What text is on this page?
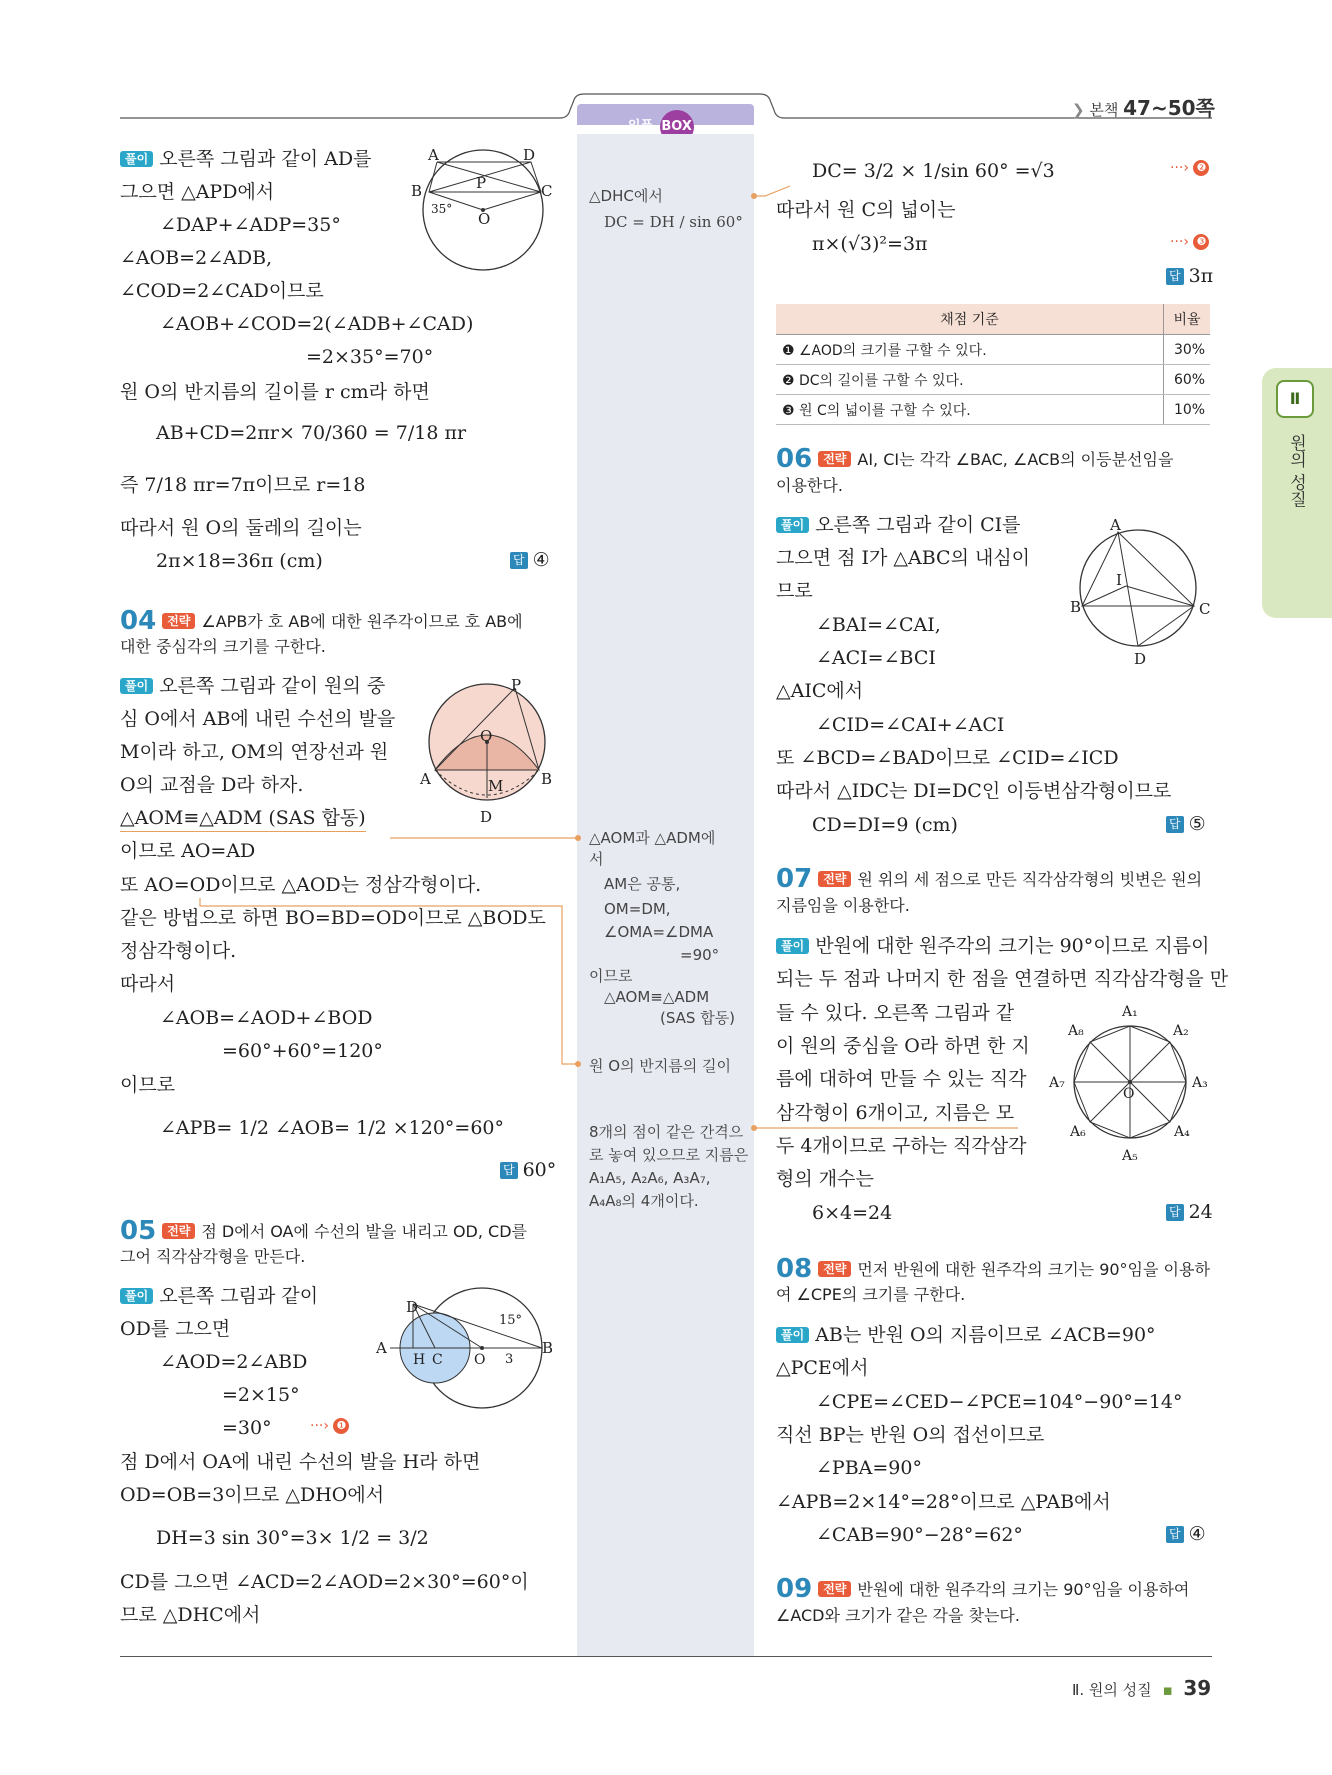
일품 BOX
❯ 본책 47~50쪽
Ⅱ
원의 성질
풀이 오른쪽 그림과 같이 AD를
그으면 △APD에서
∠DAP+∠ADP=35°
∠AOB=2∠ADB,
∠COD=2∠CAD이므로
∠AOB+∠COD=2(∠ADB+∠CAD)
=2×35°=70°
원 O의 반지름의 길이를 r cm라 하면
AB+CD=2πr× 70/360 = 7/18 πr
즉 7/18 πr=7π이므로 r=18
따라서 원 O의 둘레의 길이는
2π×18=36π (cm)	답 ④
A	D
B	C
P
O
35°
04 전략 ∠APB가 호 AB에 대한 원주각이므로 호 AB에
대한 중심각의 크기를 구한다.
풀이 오른쪽 그림과 같이 원의 중
심 O에서 AB에 내린 수선의 발을
M이라 하고, OM의 연장선과 원
O의 교점을 D라 하자.
△AOM≡△ADM (SAS 합동)
이므로 AO=AD
또 AO=OD이므로 △AOD는 정삼각형이다.
같은 방법으로 하면 BO=BD=OD이므로 △BOD도
정삼각형이다.
따라서
∠AOB=∠AOD+∠BOD
=60°+60°=120°
이므로
∠APB= 1/2 ∠AOB= 1/2 ×120°=60°
답 60°
P
O
A	M	B
D
05 전략 점 D에서 OA에 수선의 발을 내리고 OD, CD를
그어 직각삼각형을 만든다.
풀이 오른쪽 그림과 같이
OD를 그으면
∠AOD=2∠ABD
=2×15°
=30°	···› ❶
점 D에서 OA에 내린 수선의 발을 H라 하면
OD=OB=3이므로 △DHO에서
DH=3 sin 30°=3× 1/2 = 3/2
CD를 그으면 ∠ACD=2∠AOD=2×30°=60°이
므로 △DHC에서
D
A
H C O 3
B
15°
△DHC에서
DC = DH / sin 60°
△AOM과 △ADM에
서
AM은 공통,
OM=DM,
∠OMA=∠DMA
=90°
이므로
△AOM≡△ADM
(SAS 합동)
원 O의 반지름의 길이
8개의 점이 같은 간격으
로 놓여 있으므로 지름은
A₁A₅, A₂A₆, A₃A₇,
A₄A₈의 4개이다.
DC= 3/2 × 1/sin 60° =√3	···› ❷
따라서 원 C의 넓이는
π×(√3)²=3π	···› ❸
답 3π
채점 기준	비율
❶ ∠AOD의 크기를 구할 수 있다.	30%
❷ DC의 길이를 구할 수 있다.	60%
❸ 원 C의 넓이를 구할 수 있다.	10%
06 전략 AI, CI는 각각 ∠BAC, ∠ACB의 이등분선임을
이용한다.
풀이 오른쪽 그림과 같이 CI를
그으면 점 I가 △ABC의 내심이
므로
∠BAI=∠CAI,
∠ACI=∠BCI
△AIC에서
∠CID=∠CAI+∠ACI
또 ∠BCD=∠BAD이므로 ∠CID=∠ICD
따라서 △IDC는 DI=DC인 이등변삼각형이므로
CD=DI=9 (cm)	답 ⑤
A
I
B	C
D
07 전략 원 위의 세 점으로 만든 직각삼각형의 빗변은 원의
지름임을 이용한다.
풀이 반원에 대한 원주각의 크기는 90°이므로 지름이
되는 두 점과 나머지 한 점을 연결하면 직각삼각형을 만
들 수 있다. 오른쪽 그림과 같
이 원의 중심을 O라 하면 한 지
름에 대하여 만들 수 있는 직각
삼각형이 6개이고, 지름은 모
두 4개이므로 구하는 직각삼각
형의 개수는
6×4=24	답 24
A₁
A₂
A₃
A₄
A₅
A₆
A₇
A₈
O
08 전략 먼저 반원에 대한 원주각의 크기는 90°임을 이용하
여 ∠CPE의 크기를 구한다.
풀이 AB는 반원 O의 지름이므로 ∠ACB=90°
△PCE에서
∠CPE=∠CED−∠PCE=104°−90°=14°
직선 BP는 반원 O의 접선이므로
∠PBA=90°
∠APB=2×14°=28°이므로 △PAB에서
∠CAB=90°−28°=62°	답 ④
09 전략 반원에 대한 원주각의 크기는 90°임을 이용하여
∠ACD와 크기가 같은 각을 찾는다.
Ⅱ. 원의 성질 ▪ 39
